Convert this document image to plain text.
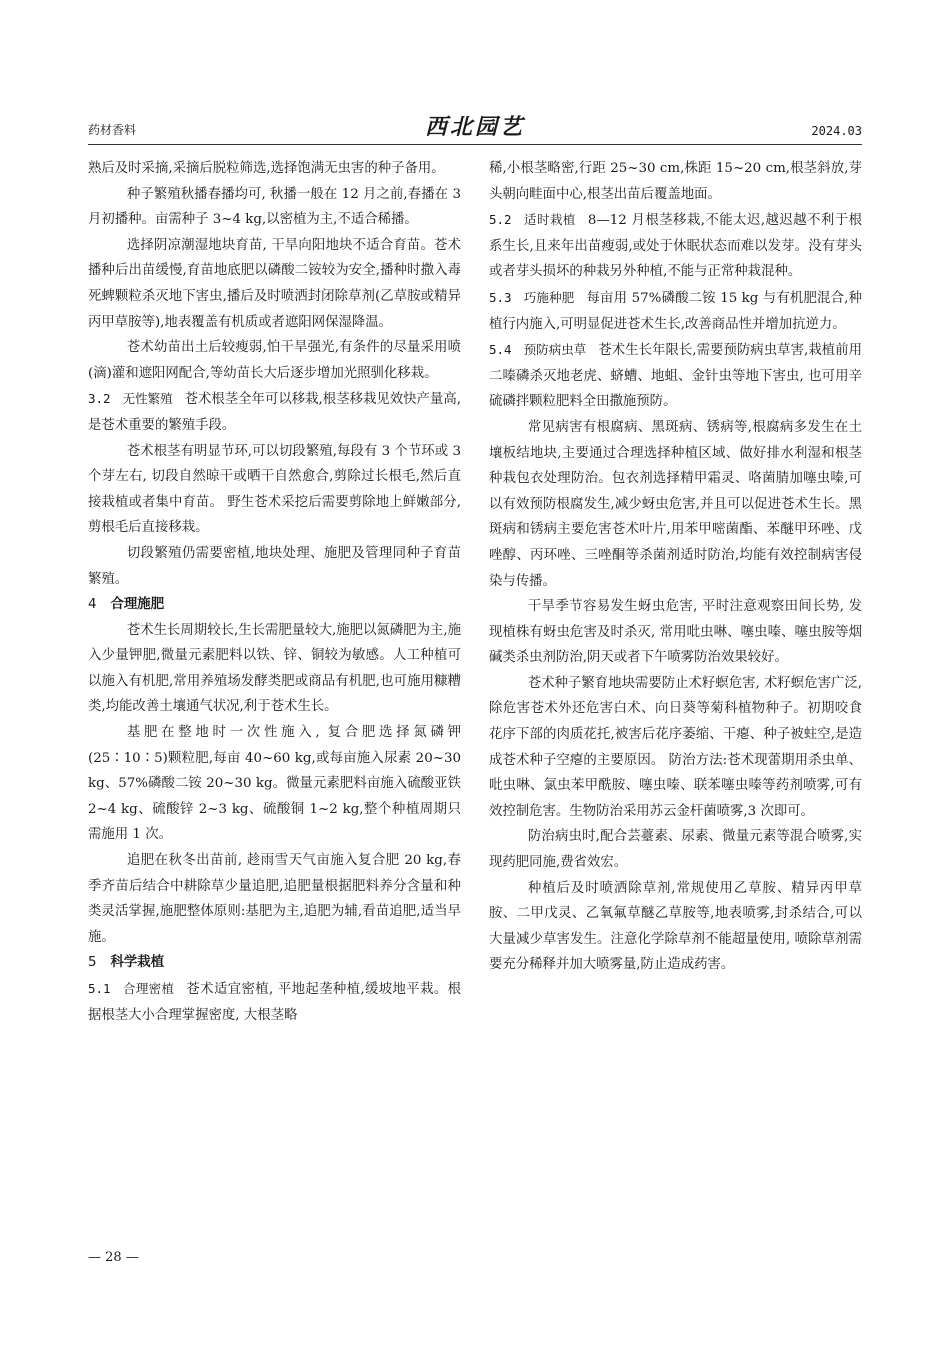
药材香料	西北园艺	2024.03

熟后及时采摘,采摘后脱粒筛选,选择饱满无虫害的种子备用。

种子繁殖秋播春播均可, 秋播一般在 12 月之前,春播在 3 月初播种。亩需种子 3~4 kg,以密植为主,不适合稀播。

选择阴凉潮湿地块育苗, 干旱向阳地块不适合育苗。苍术播种后出苗缓慢,育苗地底肥以磷酸二铵较为安全,播种时撒入毒死蜱颗粒杀灭地下害虫,播后及时喷洒封闭除草剂(乙草胺或精异丙甲草胺等),地表覆盖有机质或者遮阳网保湿降温。

苍术幼苗出土后较瘦弱,怕干旱强光,有条件的尽量采用喷(滴)灌和遮阳网配合,等幼苗长大后逐步增加光照驯化移栽。

3.2 无性繁殖 苍术根茎全年可以移栽,根茎移栽见效快产量高,是苍术重要的繁殖手段。

苍术根茎有明显节环,可以切段繁殖,每段有 3 个节环或 3 个芽左右, 切段自然晾干或晒干自然愈合,剪除过长根毛,然后直接栽植或者集中育苗。 野生苍术采挖后需要剪除地上鲜嫩部分, 剪根毛后直接移栽。

切段繁殖仍需要密植,地块处理、施肥及管理同种子育苗繁殖。

4 合理施肥

苍术生长周期较长,生长需肥量较大,施肥以氮磷肥为主,施入少量钾肥,微量元素肥料以铁、锌、铜较为敏感。人工种植可以施入有机肥,常用养殖场发酵类肥或商品有机肥,也可施用糠糟类,均能改善土壤通气状况,利于苍术生长。

基肥在整地时一次性施入, 复合肥选择氮磷钾(25∶10∶5)颗粒肥,每亩 40~60 kg,或每亩施入尿素 20~30 kg、57%磷酸二铵 20~30 kg。微量元素肥料亩施入硫酸亚铁 2~4 kg、硫酸锌 2~3 kg、硫酸铜 1~2 kg,整个种植周期只需施用 1 次。

追肥在秋冬出苗前, 趁雨雪天气亩施入复合肥 20 kg,春季齐苗后结合中耕除草少量追肥,追肥量根据肥料养分含量和种类灵活掌握,施肥整体原则:基肥为主,追肥为辅,看苗追肥,适当早施。

5 科学栽植

5.1 合理密植 苍术适宜密植, 平地起垄种植,缓坡地平栽。根据根茎大小合理掌握密度, 大根茎略

稀,小根茎略密,行距 25~30 cm,株距 15~20 cm,根茎斜放,芽头朝向畦面中心,根茎出苗后覆盖地面。

5.2 适时栽植 8—12 月根茎移栽,不能太迟,越迟越不利于根系生长,且来年出苗瘦弱,或处于休眠状态而难以发芽。没有芽头或者芽头损坏的种栽另外种植,不能与正常种栽混种。

5.3 巧施种肥 每亩用 57%磷酸二铵 15 kg 与有机肥混合,种植行内施入,可明显促进苍术生长,改善商品性并增加抗逆力。

5.4 预防病虫草 苍术生长年限长,需要预防病虫草害,栽植前用二嗪磷杀灭地老虎、蛴螬、地蛆、金针虫等地下害虫, 也可用辛硫磷拌颗粒肥料全田撒施预防。

常见病害有根腐病、黑斑病、锈病等,根腐病多发生在土壤板结地块,主要通过合理选择种植区域、做好排水利湿和根茎种栽包衣处理防治。包衣剂选择精甲霜灵、咯菌腈加噻虫嗪,可以有效预防根腐发生,减少蚜虫危害,并且可以促进苍术生长。黑斑病和锈病主要危害苍术叶片,用苯甲嘧菌酯、苯醚甲环唑、戊唑醇、丙环唑、三唑酮等杀菌剂适时防治,均能有效控制病害侵染与传播。

干旱季节容易发生蚜虫危害, 平时注意观察田间长势, 发现植株有蚜虫危害及时杀灭, 常用吡虫啉、噻虫嗪、噻虫胺等烟碱类杀虫剂防治,阴天或者下午喷雾防治效果较好。

苍术种子繁育地块需要防止术籽螟危害, 术籽螟危害广泛,除危害苍术外还危害白术、向日葵等菊科植物种子。初期咬食花序下部的肉质花托,被害后花序萎缩、干瘪、种子被蛀空,是造成苍术种子空瘪的主要原因。 防治方法:苍术现蕾期用杀虫单、吡虫啉、氯虫苯甲酰胺、噻虫嗪、联苯噻虫嗪等药剂喷雾,可有效控制危害。生物防治采用苏云金杆菌喷雾,3 次即可。

防治病虫时,配合芸薹素、尿素、微量元素等混合喷雾,实现药肥同施,费省效宏。

种植后及时喷洒除草剂,常规使用乙草胺、精异丙甲草胺、二甲戊灵、乙氧氟草醚乙草胺等,地表喷雾,封杀结合,可以大量减少草害发生。注意化学除草剂不能超量使用, 喷除草剂需要充分稀释并加大喷雾量,防止造成药害。

— 28 —
